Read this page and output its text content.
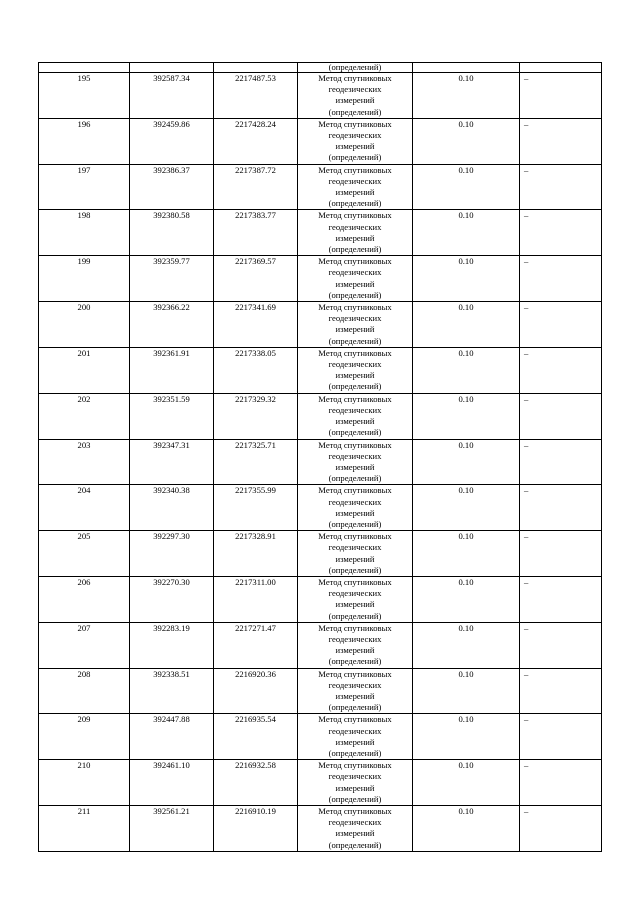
			(определений)		

195	392587.34	2217487.53	Метод спутниковых
геодезических
измерений
(определений)	0.10	–

196	392459.86	2217428.24	Метод спутниковых
геодезических
измерений
(определений)	0.10	–

197	392386.37	2217387.72	Метод спутниковых
геодезических
измерений
(определений)	0.10	–

198	392380.58	2217383.77	Метод спутниковых
геодезических
измерений
(определений)	0.10	–

199	392359.77	2217369.57	Метод спутниковых
геодезических
измерений
(определений)	0.10	–

200	392366.22	2217341.69	Метод спутниковых
геодезических
измерений
(определений)	0.10	–

201	392361.91	2217338.05	Метод спутниковых
геодезических
измерений
(определений)	0.10	–

202	392351.59	2217329.32	Метод спутниковых
геодезических
измерений
(определений)	0.10	–

203	392347.31	2217325.71	Метод спутниковых
геодезических
измерений
(определений)	0.10	–

204	392340.38	2217355.99	Метод спутниковых
геодезических
измерений
(определений)	0.10	–

205	392297.30	2217328.91	Метод спутниковых
геодезических
измерений
(определений)	0.10	–

206	392270.30	2217311.00	Метод спутниковых
геодезических
измерений
(определений)	0.10	–

207	392283.19	2217271.47	Метод спутниковых
геодезических
измерений
(определений)	0.10	–

208	392338.51	2216920.36	Метод спутниковых
геодезических
измерений
(определений)	0.10	–

209	392447.88	2216935.54	Метод спутниковых
геодезических
измерений
(определений)	0.10	–

210	392461.10	2216932.58	Метод спутниковых
геодезических
измерений
(определений)	0.10	–

211	392561.21	2216910.19	Метод спутниковых
геодезических
измерений
(определений)	0.10	–
